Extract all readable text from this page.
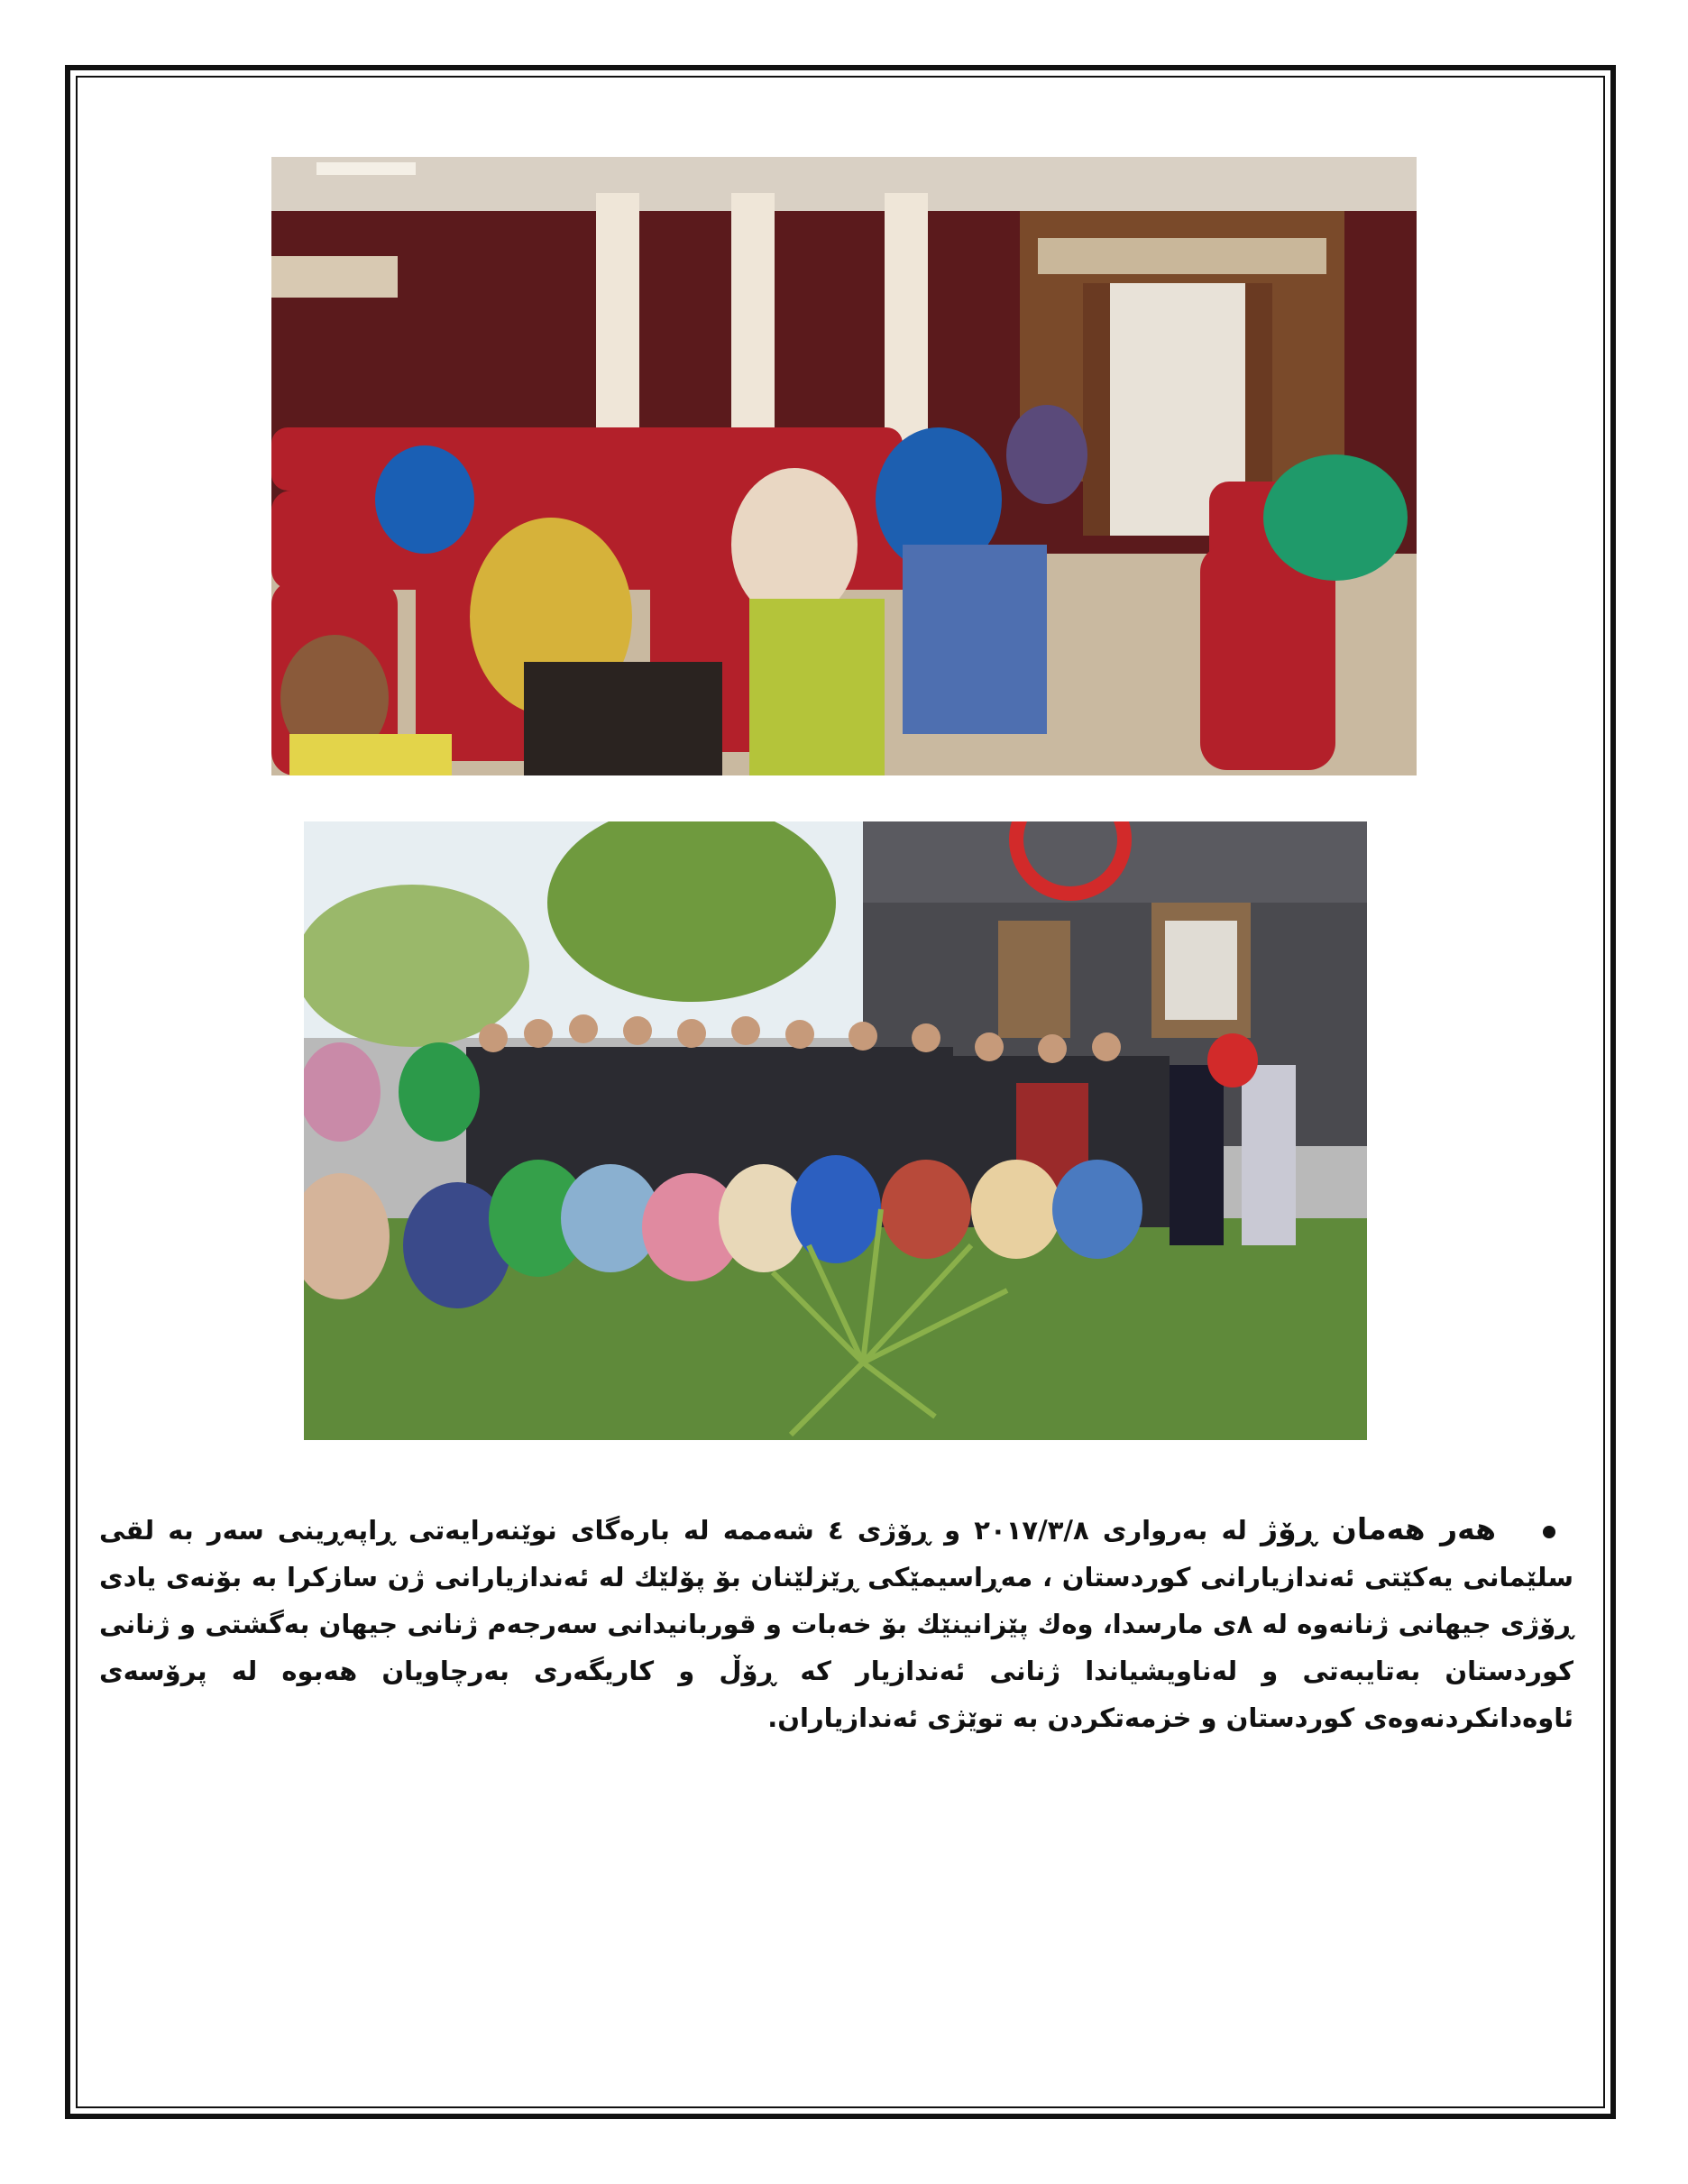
هەر هەمان ڕۆژ لە بەرواری ٢٠١٧/٣/٨ و ڕۆژی ٤ شەممە لە بارەگای نوێنەرایەتی ڕاپەڕینی سەر بە لقی سلێمانی یەکێتی ئەندازیارانی کوردستان ، مەڕاسیمێکی ڕێزلێنان بۆ پۆلێك لە ئەندازیارانی ژن سازکرا بە بۆنەی یادی ڕۆژی جیهانی ژنانەوە لە ٨ی مارسدا، وەك پێزانینێك بۆ خەبات و قوربانیدانی سەرجەم ژنانی جیهان بەگشتی و ژنانی کوردستان بەتایبەتی و لەناویشیاندا ژنانی ئەندازیار کە ڕۆڵ و کاریگەری بەرچاویان هەبوە لە پرۆسەی ئاوەدانکردنەوەی کوردستان و خزمەتکردن بە توێژی ئەندازیاران.
